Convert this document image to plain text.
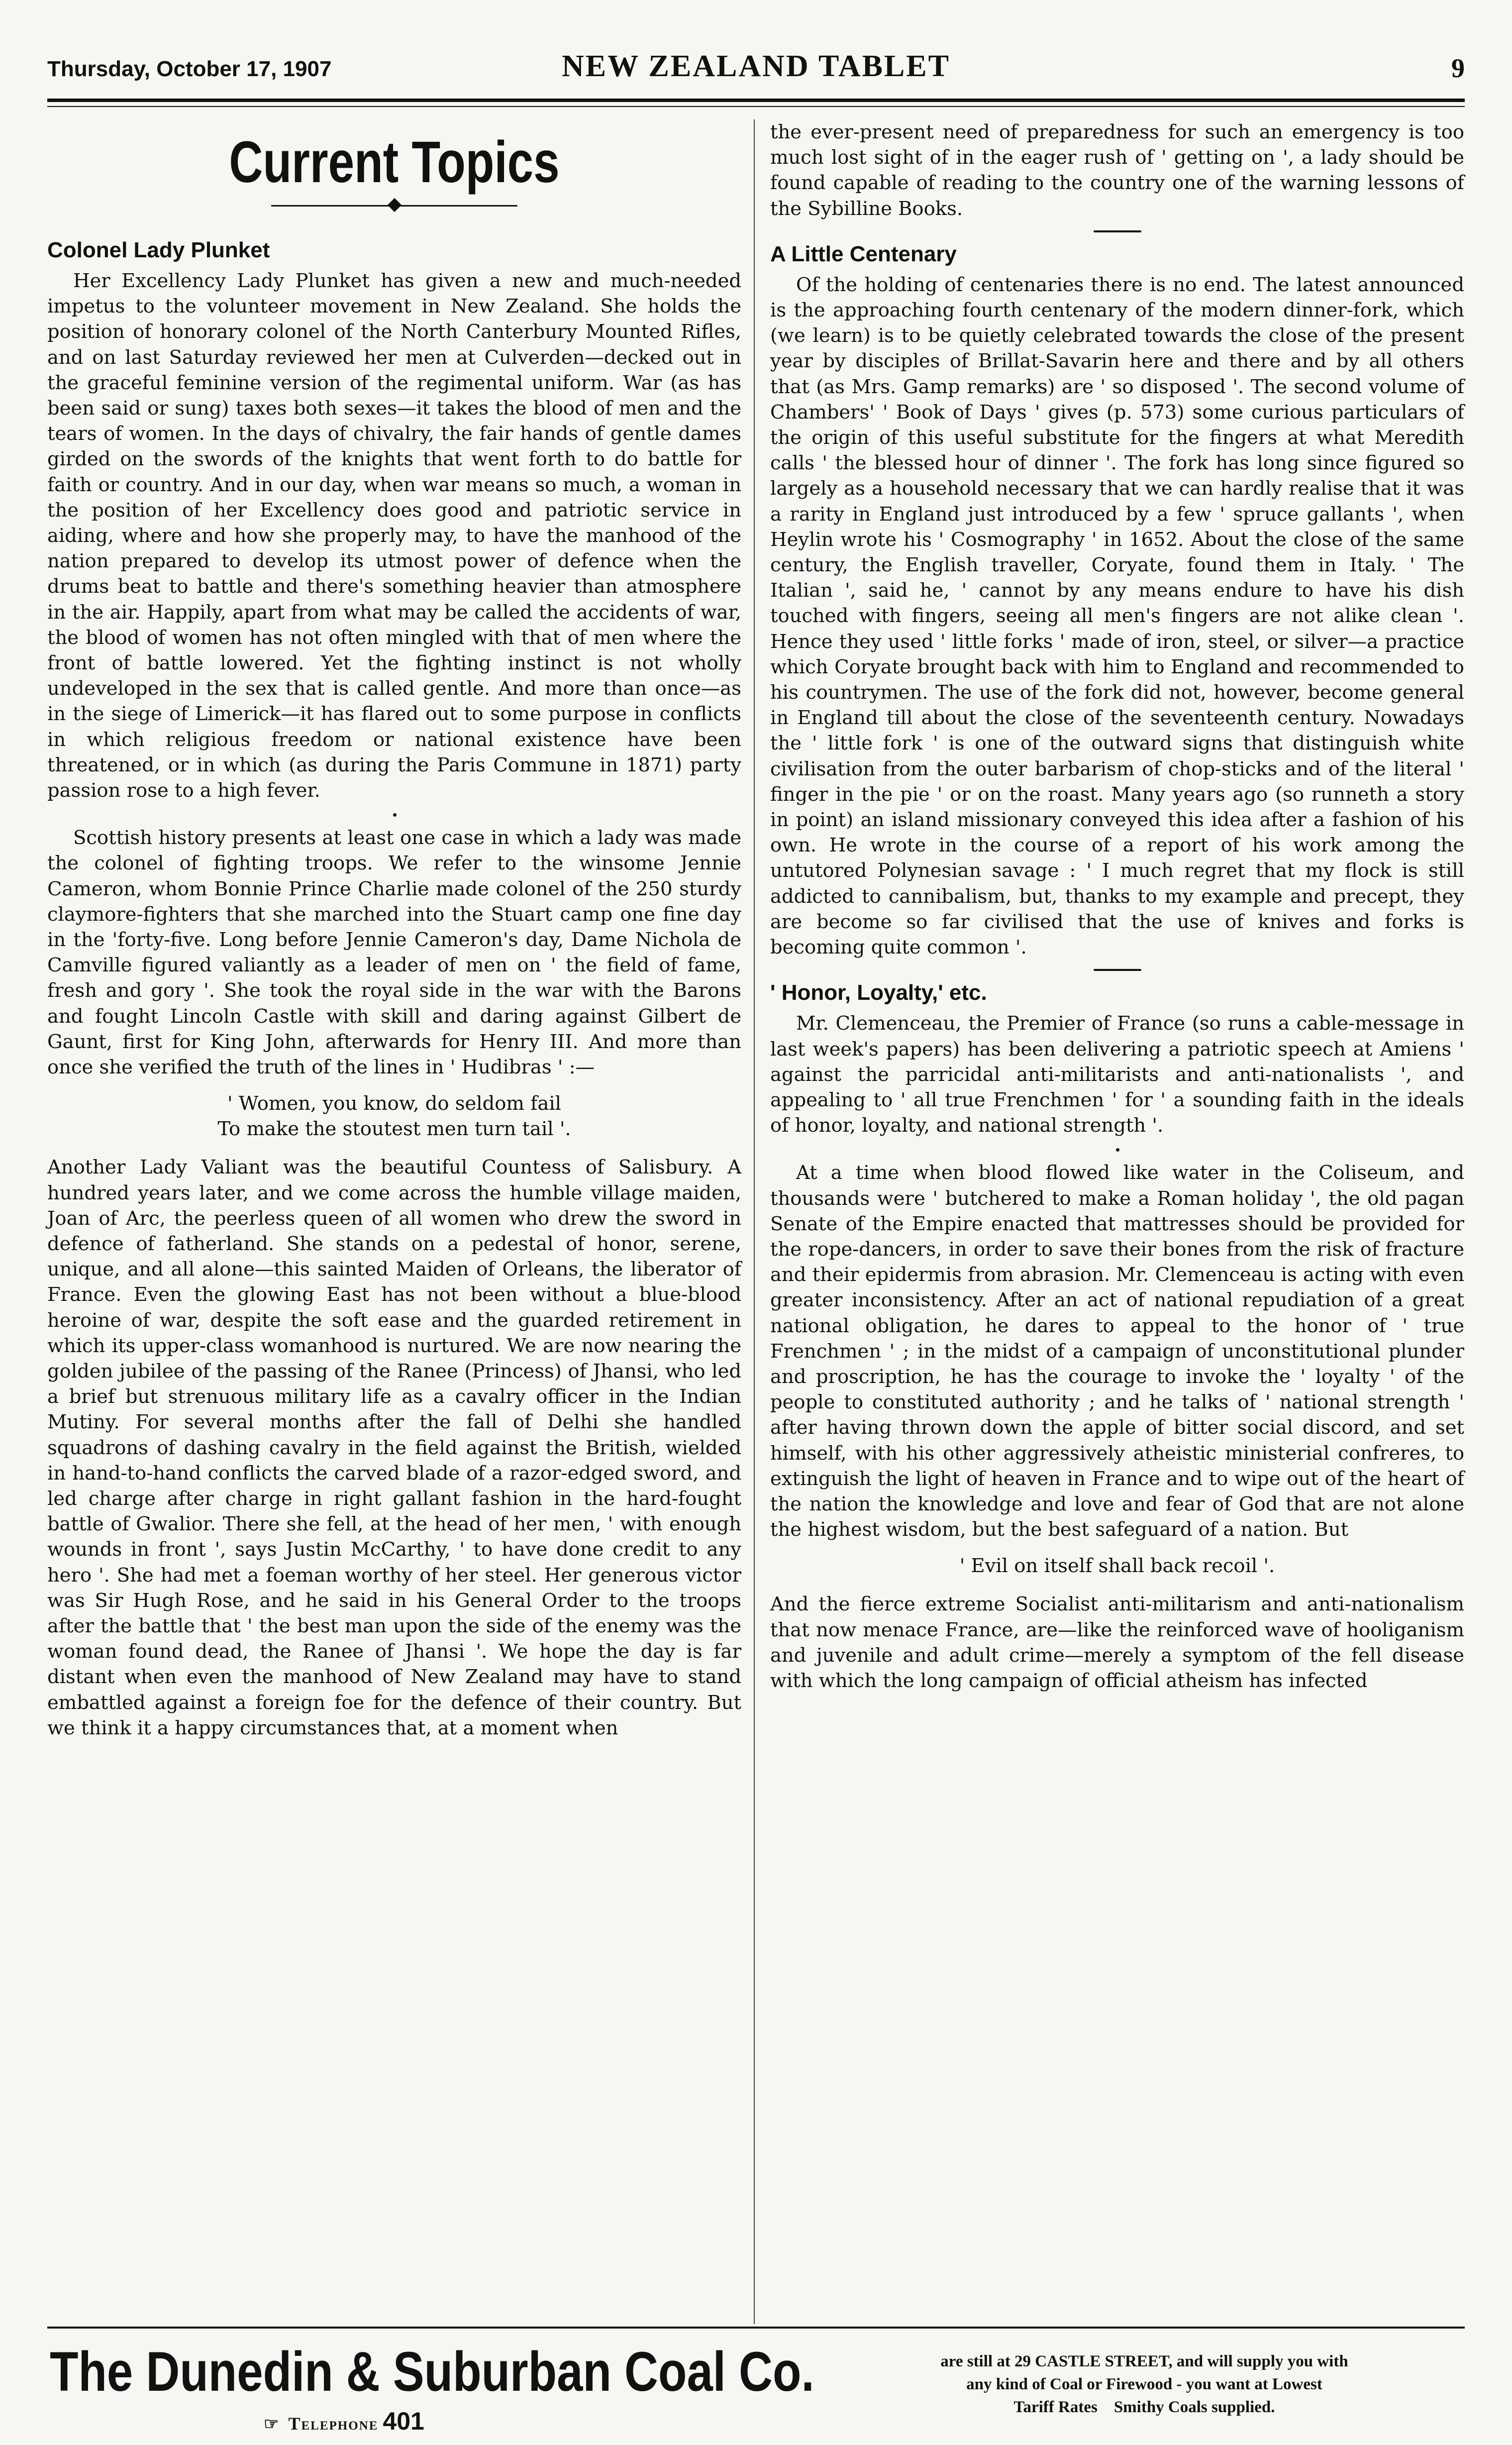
Thursday, October 17, 1907	NEW ZEALAND TABLET	9
Current Topics
Colonel Lady Plunket

Her Excellency Lady Plunket has given a new and much-needed impetus to the volunteer movement in New Zealand. She holds the position of honorary colonel of the North Canterbury Mounted Rifles, and on last Saturday reviewed her men at Culverden—decked out in the graceful feminine version of the regimental uniform. War (as has been said or sung) taxes both sexes—it takes the blood of men and the tears of women. In the days of chivalry, the fair hands of gentle dames girded on the swords of the knights that went forth to do battle for faith or country. And in our day, when war means so much, a woman in the position of her Excellency does good and patriotic service in aiding, where and how she properly may, to have the manhood of the nation prepared to develop its utmost power of defence when the drums beat to battle and there's something heavier than atmosphere in the air. Happily, apart from what may be called the accidents of war, the blood of women has not often mingled with that of men where the front of battle lowered. Yet the fighting instinct is not wholly undeveloped in the sex that is called gentle. And more than once—as in the siege of Limerick—it has flared out to some purpose in conflicts in which religious freedom or national existence have been threatened, or in which (as during the Paris Commune in 1871) party passion rose to a high fever.

Scottish history presents at least one case in which a lady was made the colonel of fighting troops. We refer to the winsome Jennie Cameron, whom Bonnie Prince Charlie made colonel of the 250 sturdy claymore-fighters that she marched into the Stuart camp one fine day in the 'forty-five. Long before Jennie Cameron's day, Dame Nichola de Camville figured valiantly as a leader of men on ' the field of fame, fresh and gory '. She took the royal side in the war with the Barons and fought Lincoln Castle with skill and daring against Gilbert de Gaunt, first for King John, afterwards for Henry III. And more than once she verified the truth of the lines in ' Hudibras ' :—

' Women, you know, do seldom fail
To make the stoutest men turn tail '.

Another Lady Valiant was the beautiful Countess of Salisbury. A hundred years later, and we come across the humble village maiden, Joan of Arc, the peerless queen of all women who drew the sword in defence of fatherland. She stands on a pedestal of honor, serene, unique, and all alone—this sainted Maiden of Orleans, the liberator of France. Even the glowing East has not been without a blue-blood heroine of war, despite the soft ease and the guarded retirement in which its upper-class womanhood is nurtured. We are now nearing the golden jubilee of the passing of the Ranee (Princess) of Jhansi, who led a brief but strenuous military life as a cavalry officer in the Indian Mutiny. For several months after the fall of Delhi she handled squadrons of dashing cavalry in the field against the British, wielded in hand-to-hand conflicts the carved blade of a razor-edged sword, and led charge after charge in right gallant fashion in the hard-fought battle of Gwalior. There she fell, at the head of her men, ' with enough wounds in front ', says Justin McCarthy, ' to have done credit to any hero '. She had met a foeman worthy of her steel. Her generous victor was Sir Hugh Rose, and he said in his General Order to the troops after the battle that ' the best man upon the side of the enemy was the woman found dead, the Ranee of Jhansi '. We hope the day is far distant when even the manhood of New Zealand may have to stand embattled against a foreign foe for the defence of their country. But we think it a happy circumstances that, at a moment when

the ever-present need of preparedness for such an emergency is too much lost sight of in the eager rush of ' getting on ', a lady should be found capable of reading to the country one of the warning lessons of the Sybilline Books.

A Little Centenary

Of the holding of centenaries there is no end. The latest announced is the approaching fourth centenary of the modern dinner-fork, which (we learn) is to be quietly celebrated towards the close of the present year by disciples of Brillat-Savarin here and there and by all others that (as Mrs. Gamp remarks) are ' so disposed '. The second volume of Chambers' ' Book of Days ' gives (p. 573) some curious particulars of the origin of this useful substitute for the fingers at what Meredith calls ' the blessed hour of dinner '. The fork has long since figured so largely as a household necessary that we can hardly realise that it was a rarity in England just introduced by a few ' spruce gallants ', when Heylin wrote his ' Cosmography ' in 1652. About the close of the same century, the English traveller, Coryate, found them in Italy. ' The Italian ', said he, ' cannot by any means endure to have his dish touched with fingers, seeing all men's fingers are not alike clean '. Hence they used ' little forks ' made of iron, steel, or silver—a practice which Coryate brought back with him to England and recommended to his countrymen. The use of the fork did not, however, become general in England till about the close of the seventeenth century. Nowadays the ' little fork ' is one of the outward signs that distinguish white civilisation from the outer barbarism of chop-sticks and of the literal ' finger in the pie ' or on the roast. Many years ago (so runneth a story in point) an island missionary conveyed this idea after a fashion of his own. He wrote in the course of a report of his work among the untutored Polynesian savage : ' I much regret that my flock is still addicted to cannibalism, but, thanks to my example and precept, they are become so far civilised that the use of knives and forks is becoming quite common '.

' Honor, Loyalty,' etc.

Mr. Clemenceau, the Premier of France (so runs a cable-message in last week's papers) has been delivering a patriotic speech at Amiens ' against the parricidal anti-militarists and anti-nationalists ', and appealing to ' all true Frenchmen ' for ' a sounding faith in the ideals of honor, loyalty, and national strength '.

At a time when blood flowed like water in the Coliseum, and thousands were ' butchered to make a Roman holiday ', the old pagan Senate of the Empire enacted that mattresses should be provided for the rope-dancers, in order to save their bones from the risk of fracture and their epidermis from abrasion. Mr. Clemenceau is acting with even greater inconsistency. After an act of national repudiation of a great national obligation, he dares to appeal to the honor of ' true Frenchmen ' ; in the midst of a campaign of unconstitutional plunder and proscription, he has the courage to invoke the ' loyalty ' of the people to constituted authority ; and he talks of ' national strength ' after having thrown down the apple of bitter social discord, and set himself, with his other aggressively atheistic ministerial confreres, to extinguish the light of heaven in France and to wipe out of the heart of the nation the knowledge and love and fear of God that are not alone the highest wisdom, but the best safeguard of a nation. But

' Evil on itself shall back recoil '.

And the fierce extreme Socialist anti-militarism and anti-nationalism that now menace France, are—like the reinforced wave of hooliganism and juvenile and adult crime—merely a symptom of the fell disease with which the long campaign of official atheism has infected

The Dunedin & Suburban Coal Co.
☞ Telephone 401
are still at 29 CASTLE STREET, and will supply you with
any kind of Coal or Firewood - you want at Lowest
Tariff Rates    Smithy Coals supplied.
